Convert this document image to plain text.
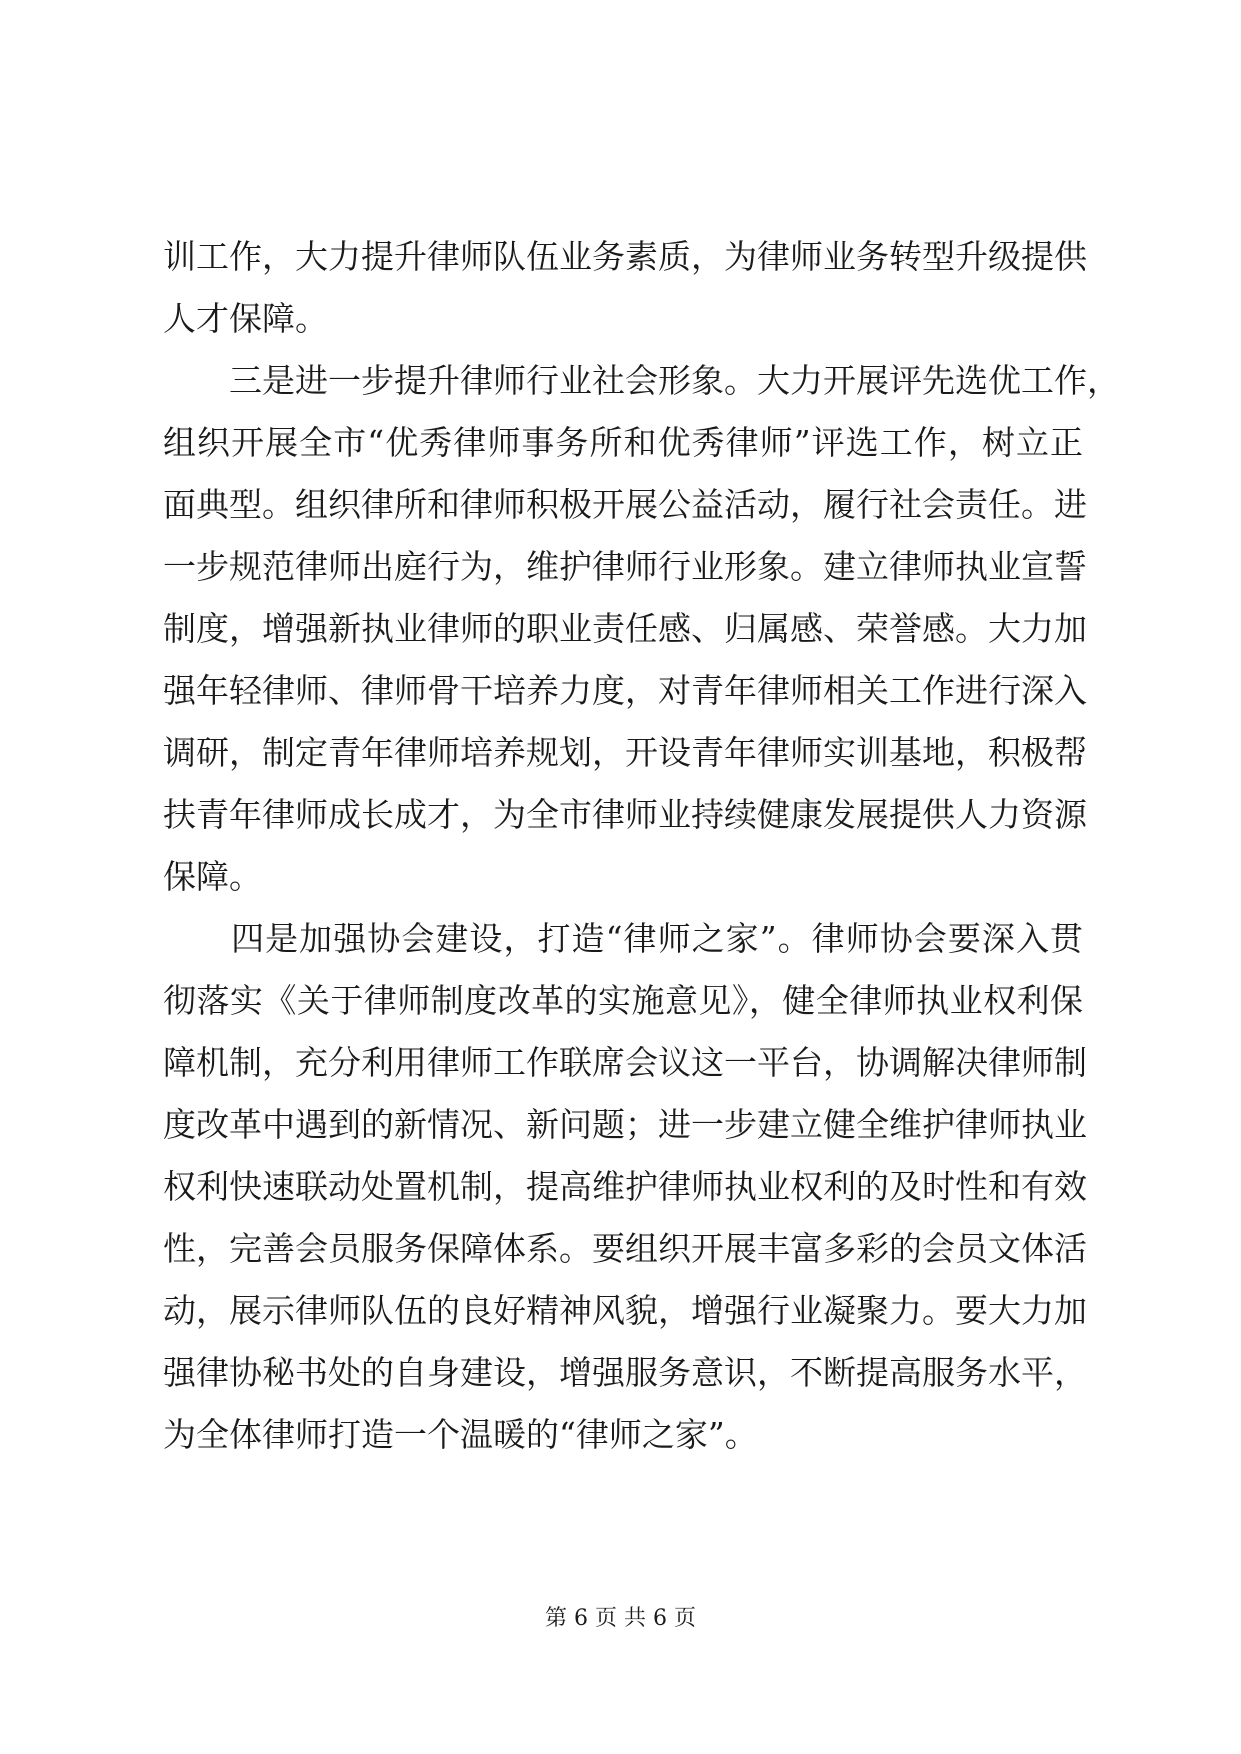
训工作，大力提升律师队伍业务素质，为律师业务转型升级提供
人才保障。
　　三是进一步提升律师行业社会形象。大力开展评先选优工作，
组织开展全市“优秀律师事务所和优秀律师”评选工作，树立正
面典型。组织律所和律师积极开展公益活动，履行社会责任。进
一步规范律师出庭行为，维护律师行业形象。建立律师执业宣誓
制度，增强新执业律师的职业责任感、归属感、荣誉感。大力加
强年轻律师、律师骨干培养力度，对青年律师相关工作进行深入
调研，制定青年律师培养规划，开设青年律师实训基地，积极帮
扶青年律师成长成才，为全市律师业持续健康发展提供人力资源
保障。
　　四是加强协会建设，打造“律师之家”。律师协会要深入贯
彻落实《关于律师制度改革的实施意见》，健全律师执业权利保
障机制，充分利用律师工作联席会议这一平台，协调解决律师制
度改革中遇到的新情况、新问题；进一步建立健全维护律师执业
权利快速联动处置机制，提高维护律师执业权利的及时性和有效
性，完善会员服务保障体系。要组织开展丰富多彩的会员文体活
动，展示律师队伍的良好精神风貌，增强行业凝聚力。要大力加
强律协秘书处的自身建设，增强服务意识，不断提高服务水平，
为全体律师打造一个温暖的“律师之家”。
第 6 页 共 6 页
